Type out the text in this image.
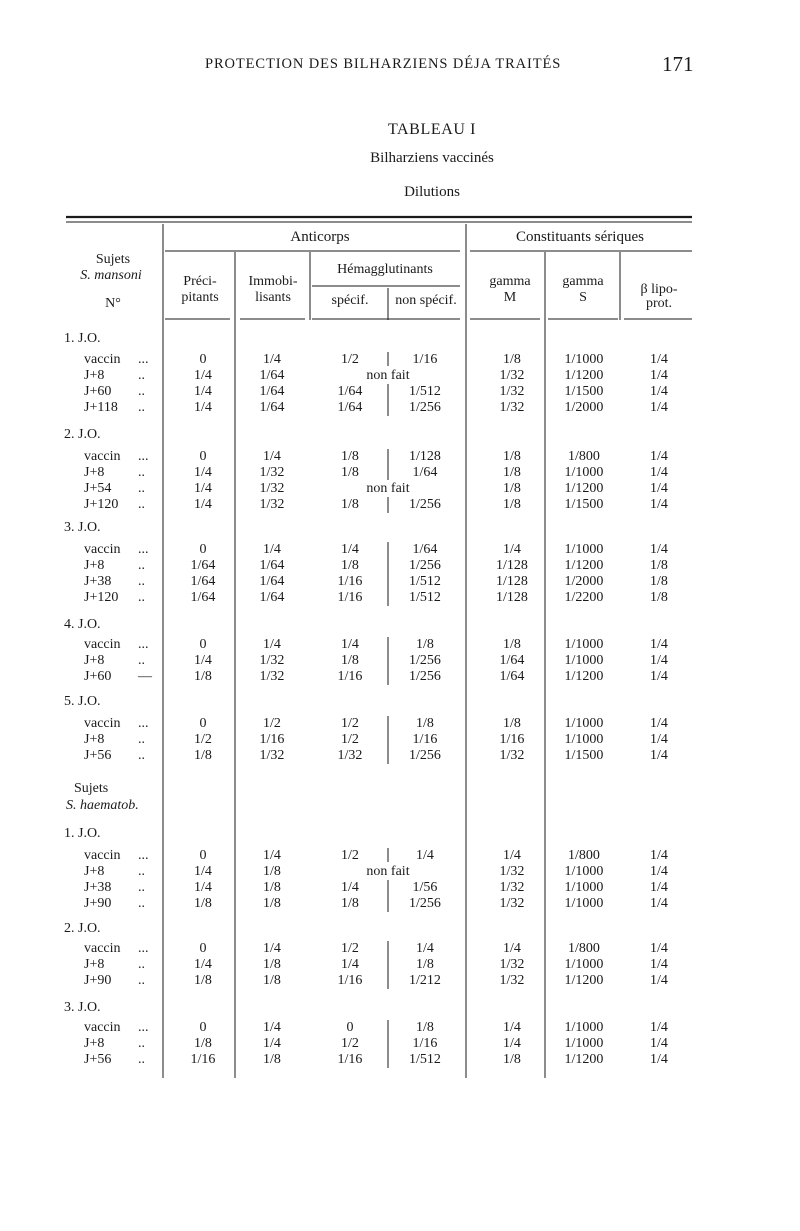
PROTECTION DES BILHARZIENS DÉJA TRAITÉS	171
TABLEAU I
Bilharziens vaccinés
Dilutions
Sujets
S. mansoni
N°
Anticorps	Constituants sériques
Préci-
pitants
Immobi-
lisants
Hémagglutinants
spécif.	non spécif.
gamma
M
gamma
S
β lipo-
prot.
1. J.O.
vaccin ...	0	1/4	1/2	1/16	1/8	1/1000	1/4
J+8 ..	1/4	1/64	non fait	1/32	1/1200	1/4
J+60 ..	1/4	1/64	1/64	1/512	1/32	1/1500	1/4
J+118 ..	1/4	1/64	1/64	1/256	1/32	1/2000	1/4
2. J.O.
vaccin ...	0	1/4	1/8	1/128	1/8	1/800	1/4
J+8 ..	1/4	1/32	1/8	1/64	1/8	1/1000	1/4
J+54 ..	1/4	1/32	non fait	1/8	1/1200	1/4
J+120 ..	1/4	1/32	1/8	1/256	1/8	1/1500	1/4
3. J.O.
vaccin ...	0	1/4	1/4	1/64	1/4	1/1000	1/4
J+8 ..	1/64	1/64	1/8	1/256	1/128	1/1200	1/8
J+38 ..	1/64	1/64	1/16	1/512	1/128	1/2000	1/8
J+120 ..	1/64	1/64	1/16	1/512	1/128	1/2200	1/8
4. J.O.
vaccin ...	0	1/4	1/4	1/8	1/8	1/1000	1/4
J+8 ..	1/4	1/32	1/8	1/256	1/64	1/1000	1/4
J+60 —	1/8	1/32	1/16	1/256	1/64	1/1200	1/4
5. J.O.
vaccin ...	0	1/2	1/2	1/8	1/8	1/1000	1/4
J+8 ..	1/2	1/16	1/2	1/16	1/16	1/1000	1/4
J+56 ..	1/8	1/32	1/32	1/256	1/32	1/1500	1/4
Sujets
S. haematob.
1. J.O.
vaccin ...	0	1/4	1/2	1/4	1/4	1/800	1/4
J+8 ..	1/4	1/8	non fait	1/32	1/1000	1/4
J+38 ..	1/4	1/8	1/4	1/56	1/32	1/1000	1/4
J+90 ..	1/8	1/8	1/8	1/256	1/32	1/1000	1/4
2. J.O.
vaccin ...	0	1/4	1/2	1/4	1/4	1/800	1/4
J+8 ..	1/4	1/8	1/4	1/8	1/32	1/1000	1/4
J+90 ..	1/8	1/8	1/16	1/212	1/32	1/1200	1/4
3. J.O.
vaccin ...	0	1/4	0	1/8	1/4	1/1000	1/4
J+8 ..	1/8	1/4	1/2	1/16	1/4	1/1000	1/4
J+56 ..	1/16	1/8	1/16	1/512	1/8	1/1200	1/4
